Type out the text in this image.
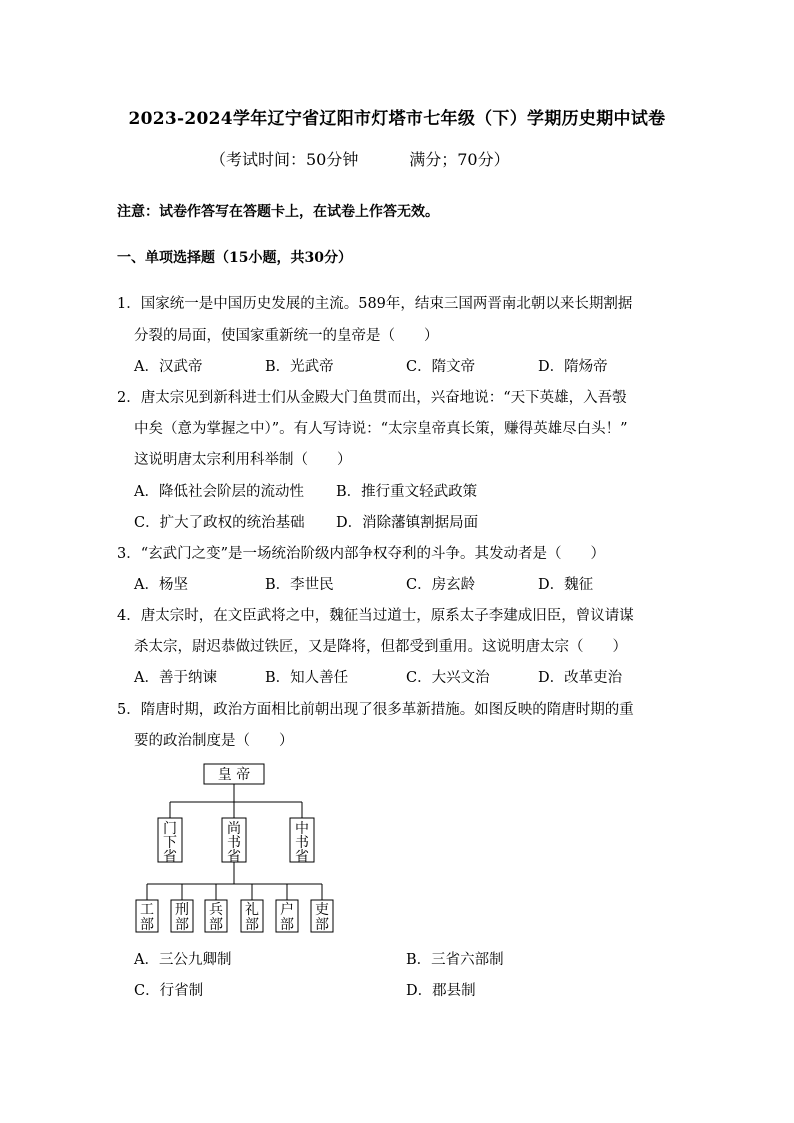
2023-2024学年辽宁省辽阳市灯塔市七年级（下）学期历史期中试卷
（考试时间：50分钟	满分；70分）
注意：试卷作答写在答题卡上，在试卷上作答无效。
一、单项选择题（15小题，共30分）
1．国家统一是中国历史发展的主流。589年，结束三国两晋南北朝以来长期割据
分裂的局面，使国家重新统一的皇帝是（　　）
A．汉武帝	B．光武帝	C．隋文帝	D．隋炀帝
2．唐太宗见到新科进士们从金殿大门鱼贯而出，兴奋地说：“天下英雄，入吾彀
中矣（意为掌握之中）”。有人写诗说：“太宗皇帝真长策，赚得英雄尽白头！”
这说明唐太宗利用科举制（　　）
A．降低社会阶层的流动性 B．推行重文轻武政策
C．扩大了政权的统治基础 D．消除藩镇割据局面
3．“玄武门之变”是一场统治阶级内部争权夺利的斗争。其发动者是（　　）
A．杨坚	B．李世民	C．房玄龄	D．魏征
4．唐太宗时，在文臣武将之中，魏征当过道士，原系太子李建成旧臣，曾议请谋
杀太宗，尉迟恭做过铁匠，又是降将，但都受到重用。这说明唐太宗（　　）
A．善于纳谏	B．知人善任	C．大兴文治	D．改革吏治
5．隋唐时期，政治方面相比前朝出现了很多革新措施。如图反映的隋唐时期的重
要的政治制度是（　　）
皇 帝
门下省
尚书省
中书省
工部
刑部
兵部
礼部
户部
吏部
A．三公九卿制	B．三省六部制
C．行省制	D．郡县制
